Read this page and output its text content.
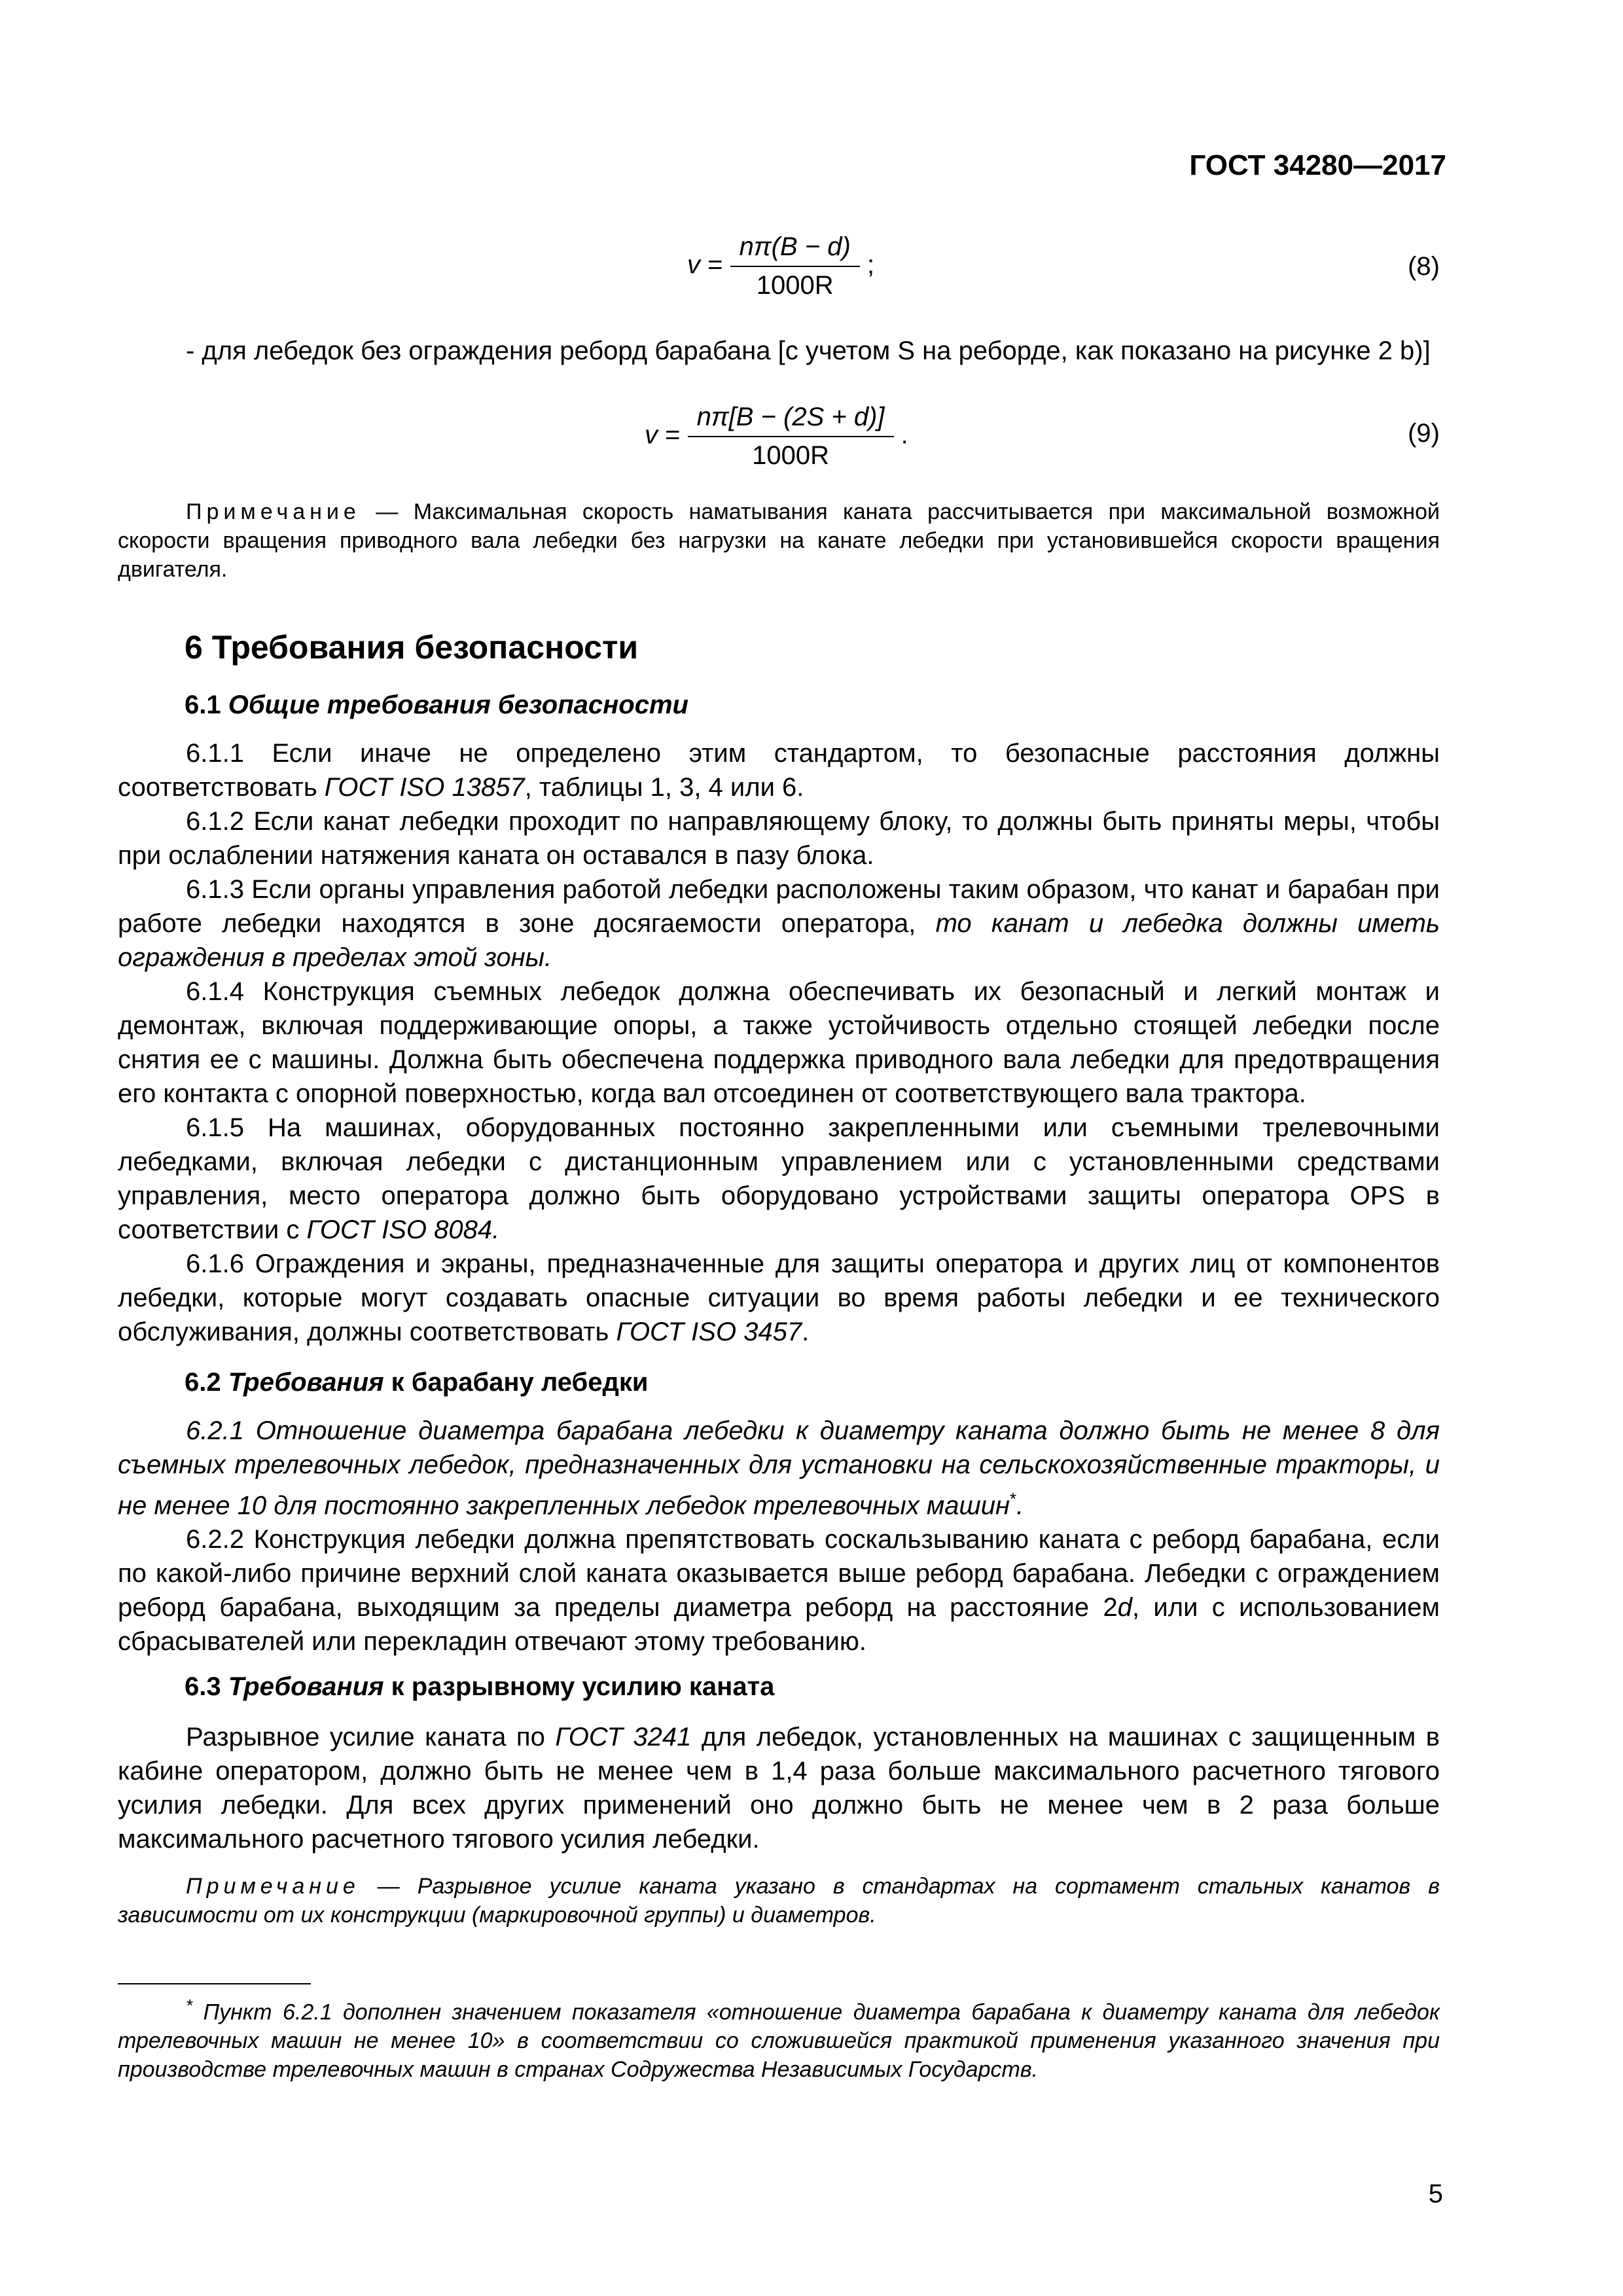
ГОСТ 34280—2017
$v = \frac{n\pi(B - d)}{1000R}$ ;	(8)

- для лебедок без ограждения реборд барабана [с учетом S на реборде, как показано на рисунке 2 b)]

$v = \frac{n\pi[B - (2S + d)]}{1000R}$ .	(9)

Примечание — Максимальная скорость наматывания каната рассчитывается при максимальной возможной скорости вращения приводного вала лебедки без нагрузки на канате лебедки при установившейся скорости вращения двигателя.

6 Требования безопасности
6.1 Общие требования безопасности

6.1.1 Если иначе не определено этим стандартом, то безопасные расстояния должны соответствовать ГОСТ ISO 13857, таблицы 1, 3, 4 или 6.

6.1.2 Если канат лебедки проходит по направляющему блоку, то должны быть приняты меры, чтобы при ослаблении натяжения каната он оставался в пазу блока.

6.1.3 Если органы управления работой лебедки расположены таким образом, что канат и барабан при работе лебедки находятся в зоне досягаемости оператора, то канат и лебедка должны иметь ограждения в пределах этой зоны.

6.1.4 Конструкция съемных лебедок должна обеспечивать их безопасный и легкий монтаж и демонтаж, включая поддерживающие опоры, а также устойчивость отдельно стоящей лебедки после снятия ее с машины. Должна быть обеспечена поддержка приводного вала лебедки для предотвращения его контакта с опорной поверхностью, когда вал отсоединен от соответствующего вала трактора.

6.1.5 На машинах, оборудованных постоянно закрепленными или съемными трелевочными лебедками, включая лебедки с дистанционным управлением или с установленными средствами управления, место оператора должно быть оборудовано устройствами защиты оператора OPS в соответствии с ГОСТ ISO 8084.

6.1.6 Ограждения и экраны, предназначенные для защиты оператора и других лиц от компонентов лебедки, которые могут создавать опасные ситуации во время работы лебедки и ее технического обслуживания, должны соответствовать ГОСТ ISO 3457.

6.2 Требования к барабану лебедки

6.2.1 Отношение диаметра барабана лебедки к диаметру каната должно быть не менее 8 для съемных трелевочных лебедок, предназначенных для установки на сельскохозяйственные тракторы, и не менее 10 для постоянно закрепленных лебедок трелевочных машин*.

6.2.2 Конструкция лебедки должна препятствовать соскальзыванию каната с реборд барабана, если по какой-либо причине верхний слой каната оказывается выше реборд барабана. Лебедки с ограждением реборд барабана, выходящим за пределы диаметра реборд на расстояние 2d, или с использованием сбрасывателей или перекладин отвечают этому требованию.

6.3 Требования к разрывному усилию каната

Разрывное усилие каната по ГОСТ 3241 для лебедок, установленных на машинах с защищенным в кабине оператором, должно быть не менее чем в 1,4 раза больше максимального расчетного тягового усилия лебедки. Для всех других применений оно должно быть не менее чем в 2 раза больше максимального расчетного тягового усилия лебедки.

Примечание — Разрывное усилие каната указано в стандартах на сортамент стальных канатов в зависимости от их конструкции (маркировочной группы) и диаметров.

* Пункт 6.2.1 дополнен значением показателя «отношение диаметра барабана к диаметру каната для лебедок трелевочных машин не менее 10» в соответствии со сложившейся практикой применения указанного значения при производстве трелевочных машин в странах Содружества Независимых Государств.

5
